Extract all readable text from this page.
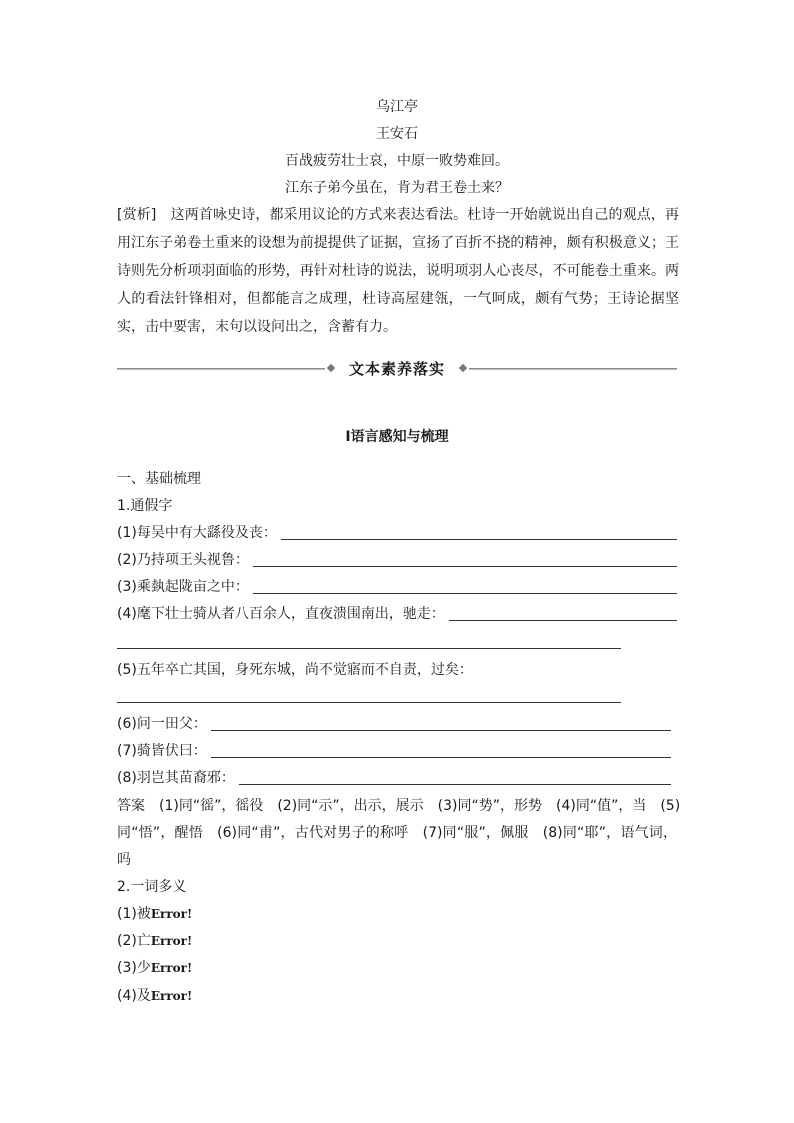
乌江亭
王安石
百战疲劳壮士哀，中原一败势难回。
江东子弟今虽在，肯为君王卷土来？
[赏析]　 这两首咏史诗，都采用议论的方式来表达看法。杜诗一开始就说出自己的观点，再用江东子弟卷土重来的设想为前提提供了证据，宣扬了百折不挠的精神，颇有积极意义；王诗则先分析项羽面临的形势，再针对杜诗的说法，说明项羽人心丧尽，不可能卷土重来。两人的看法针锋相对，但都能言之成理，杜诗高屋建瓴，一气呵成，颇有气势；王诗论据坚实，击中要害，末句以设问出之，含蓄有力。
文本素养落实
Ⅰ语言感知与梳理
一、基础梳理
1.通假字
(1)每吴中有大繇役及丧：
(2)乃持项王头视鲁：
(3)乘埶起陇亩之中：
(4)麾下壮士骑从者八百余人，直夜溃围南出，驰走：
(5)五年卒亡其国，身死东城，尚不觉寤而不自责，过矣：
(6)问一田父：
(7)骑皆伏曰：
(8)羽岂其苗裔邪：
答案　(1)同“徭”，徭役　(2)同“示”，出示，展示　(3)同“势”，形势　(4)同“值”，当　(5)
同“悟”，醒悟　(6)同“甫”，古代对男子的称呼　(7)同“服”，佩服　(8)同“耶”，语气词，
吗
2.一词多义
(1)被Error!
(2)亡Error!
(3)少Error!
(4)及Error!
